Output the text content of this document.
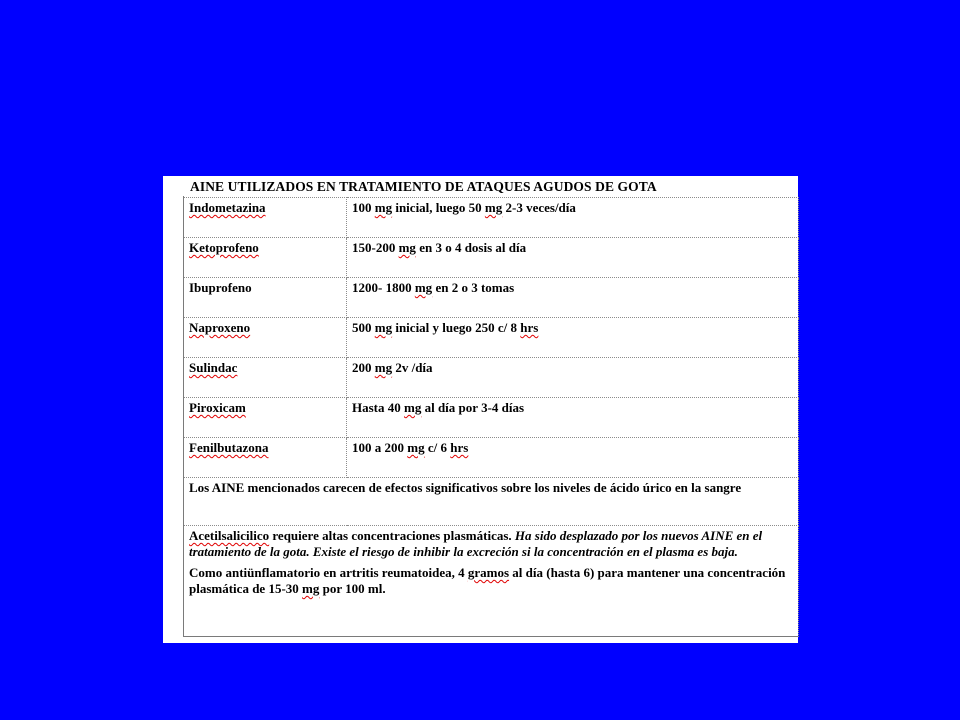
AINE UTILIZADOS EN TRATAMIENTO DE ATAQUES AGUDOS DE GOTA
Indometazina	100 mg inicial, luego 50 mg 2-3 veces/día
Ketoprofeno	150-200 mg en 3 o 4 dosis al día
Ibuprofeno	1200- 1800 mg en 2 o 3 tomas
Naproxeno	500 mg inicial y luego 250 c/ 8 hrs
Sulindac	200 mg 2v /día
Piroxicam	Hasta 40 mg al día por 3-4 días
Fenilbutazona	100 a 200 mg c/ 6 hrs
Los AINE mencionados carecen de efectos significativos sobre los niveles de ácido úrico en la sangre	
Acetilsalicilico requiere altas concentraciones plasmáticas. Ha sido desplazado por los nuevos AINE en el tratamiento de la gota. Existe el riesgo de inhibir la excreción si la concentración en el plasma es baja.
Como antiünflamatorio en artritis reumatoidea, 4 gramos al día (hasta 6) para mantener una concentración plasmática de 15-30 mg por 100 ml.	
